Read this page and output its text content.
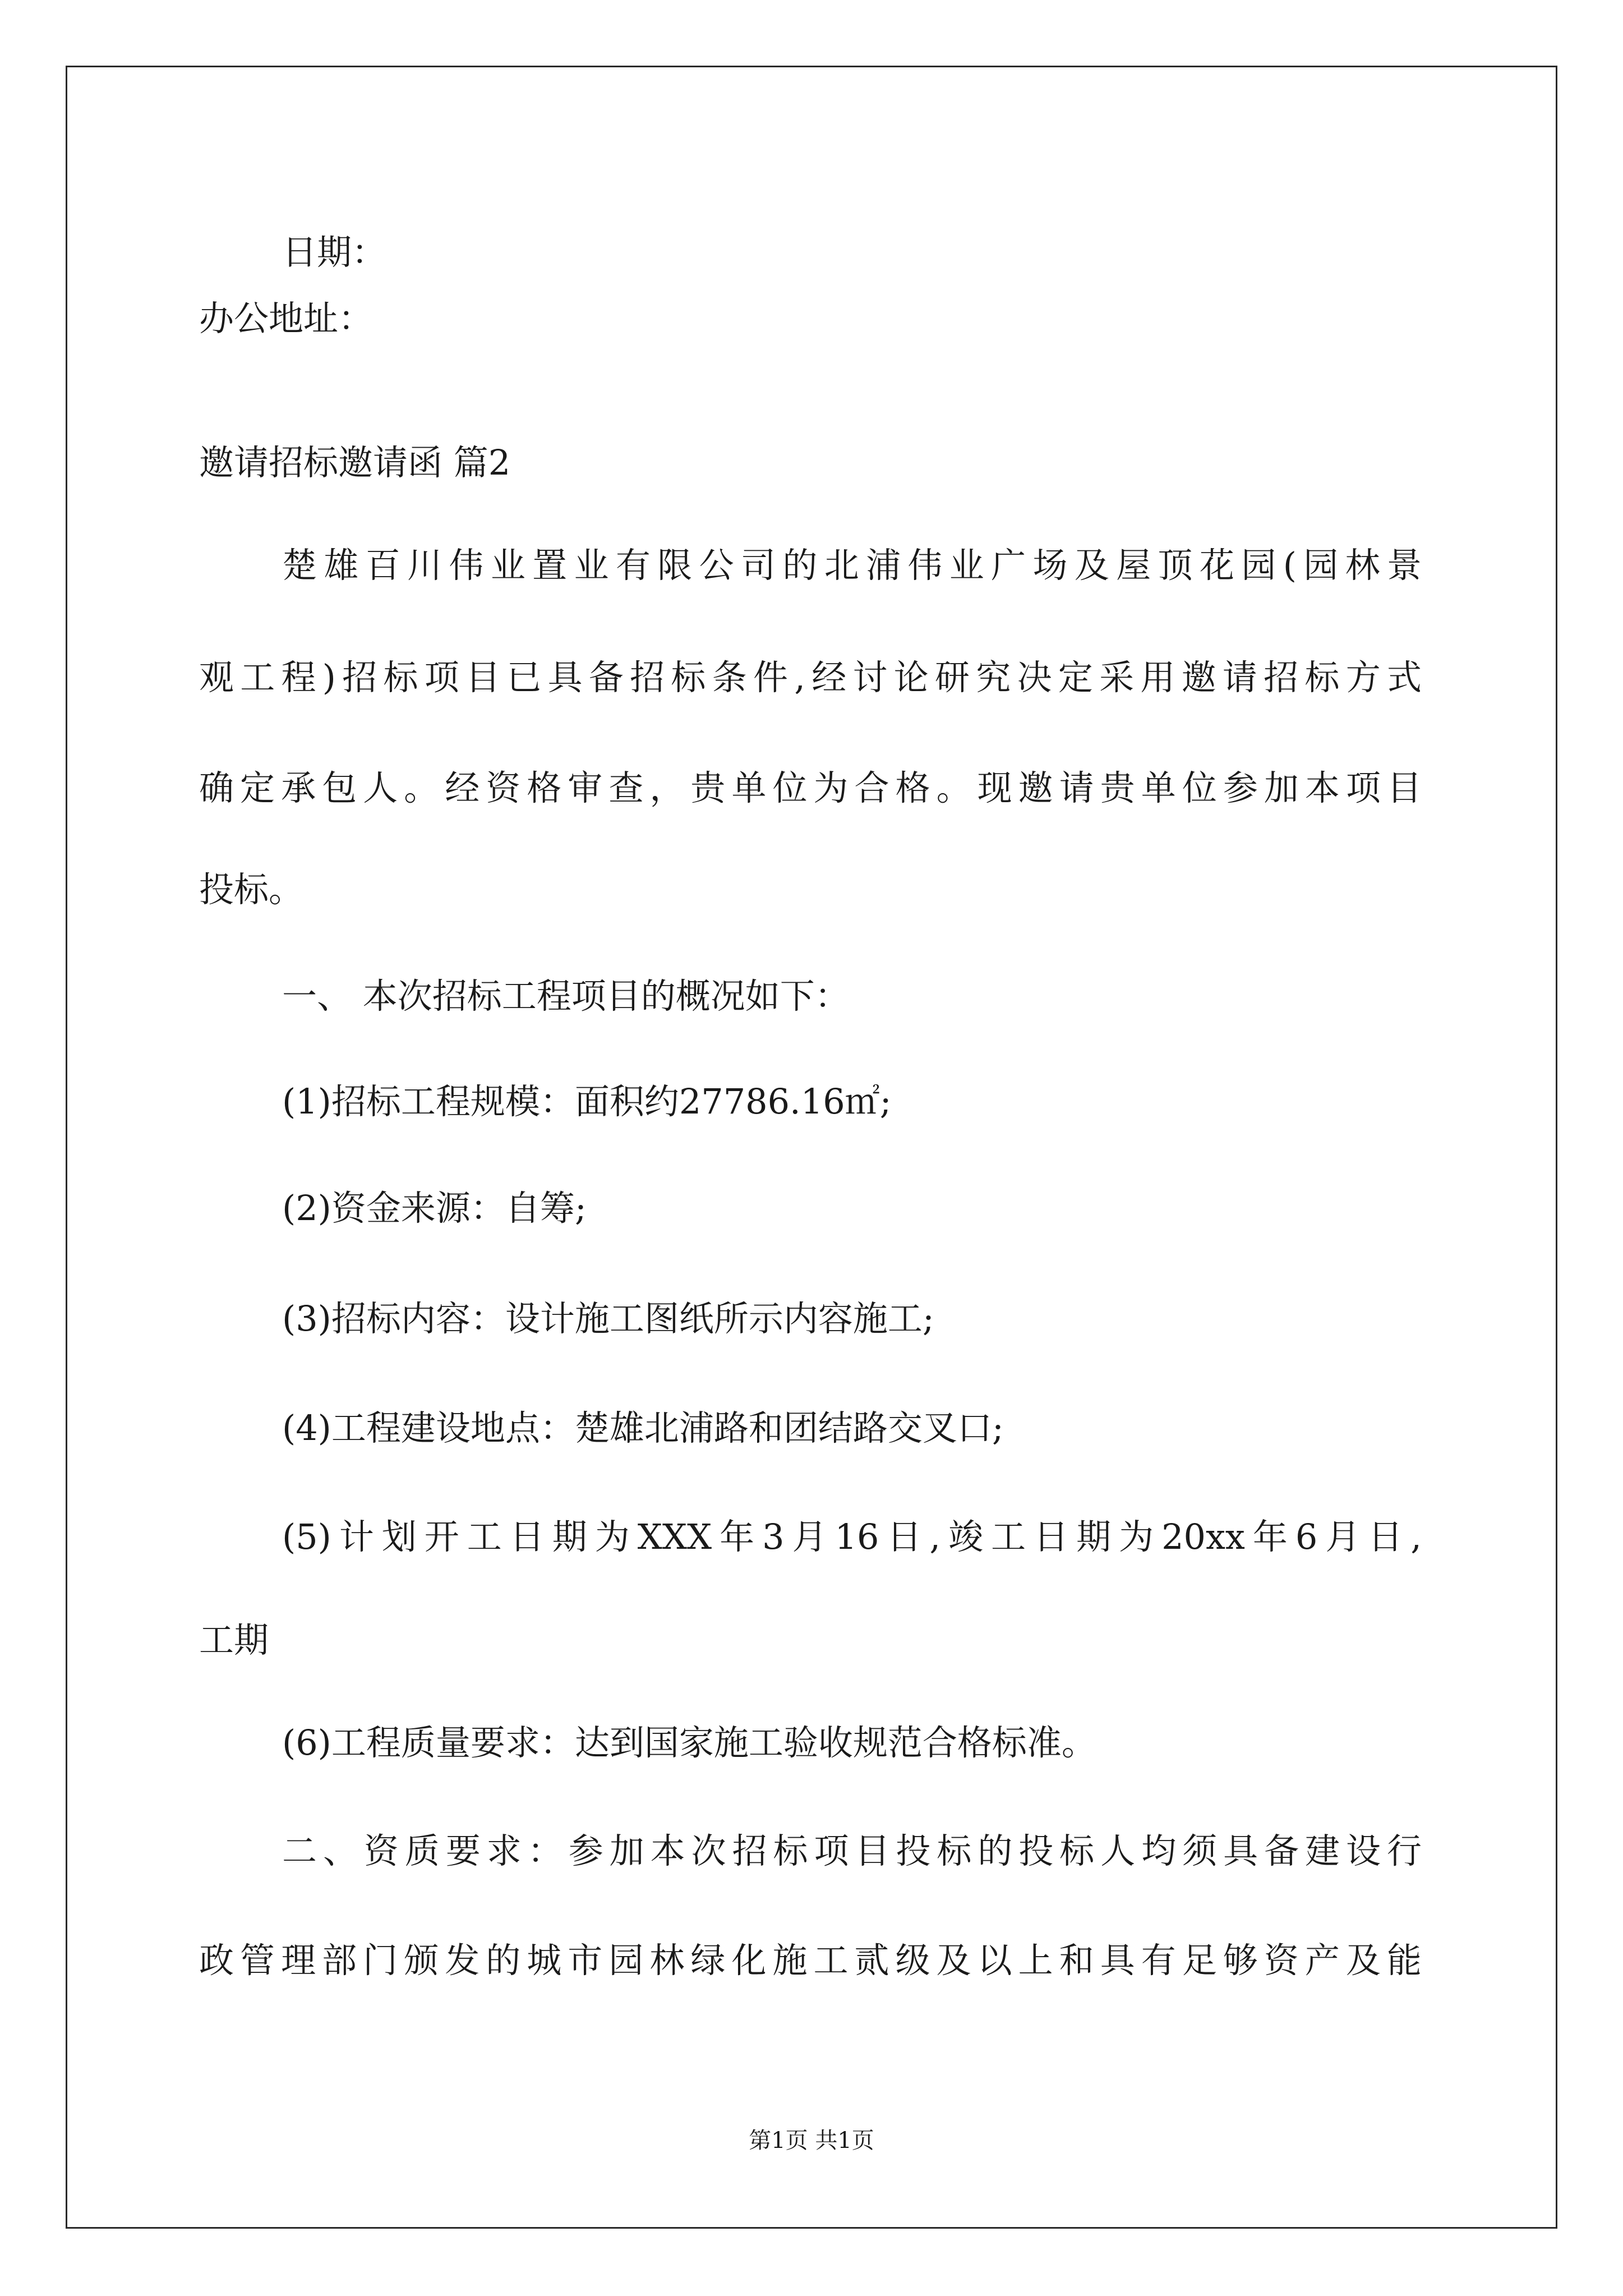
日期：
办公地址：
邀请招标邀请函 篇2
楚雄百川伟业置业有限公司的北浦伟业广场及屋顶花园(园林景
观工程)招标项目已具备招标条件,经讨论研究决定采用邀请招标方式
确定承包人。经资格审查，贵单位为合格。现邀请贵单位参加本项目
投标。
一、 本次招标工程项目的概况如下：
(1)招标工程规模：面积约27786.16㎡;
(2)资金来源：自筹;
(3)招标内容：设计施工图纸所示内容施工;
(4)工程建设地点：楚雄北浦路和团结路交叉口;
(5)计划开工日期为XXX年3月16日,竣工日期为20xx年6月日,
工期
(6)工程质量要求：达到国家施工验收规范合格标准。
二、资质要求：参加本次招标项目投标的投标人均须具备建设行
政管理部门颁发的城市园林绿化施工贰级及以上和具有足够资产及能
第1页 共1页
